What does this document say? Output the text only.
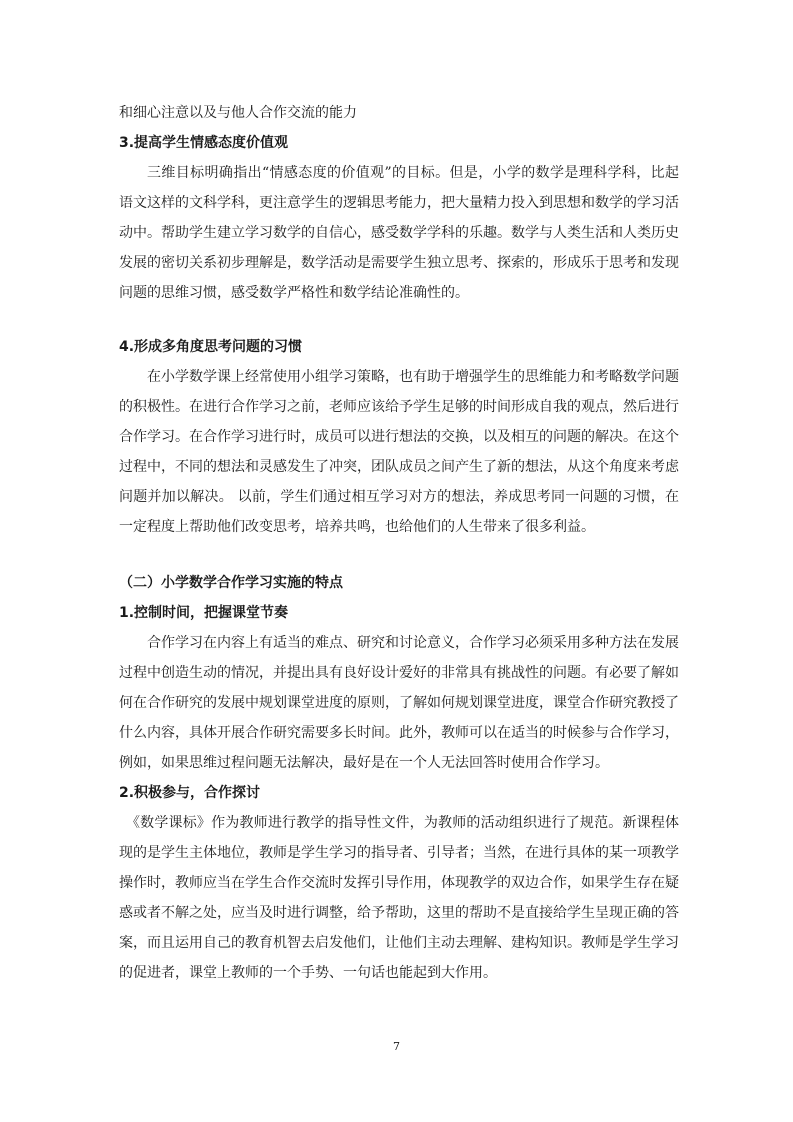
和细心注意以及与他人合作交流的能力

3.提高学生情感态度价值观

三维目标明确指出“情感态度的价值观”的目标。但是，小学的数学是理科学科，比起语文这样的文科学科，更注意学生的逻辑思考能力，把大量精力投入到思想和数学的学习活动中。帮助学生建立学习数学的自信心，感受数学学科的乐趣。数学与人类生活和人类历史发展的密切关系初步理解是，数学活动是需要学生独立思考、探索的，形成乐于思考和发现问题的思维习惯，感受数学严格性和数学结论准确性的。

4.形成多角度思考问题的习惯

在小学数学课上经常使用小组学习策略，也有助于增强学生的思维能力和考略数学问题的积极性。在进行合作学习之前，老师应该给予学生足够的时间形成自我的观点，然后进行合作学习。在合作学习进行时，成员可以进行想法的交换，以及相互的问题的解决。在这个过程中，不同的想法和灵感发生了冲突，团队成员之间产生了新的想法，从这个角度来考虑问题并加以解决。 以前，学生们通过相互学习对方的想法，养成思考同一问题的习惯，在一定程度上帮助他们改变思考，培养共鸣，也给他们的人生带来了很多利益。

（二）小学数学合作学习实施的特点

1.控制时间，把握课堂节奏

合作学习在内容上有适当的难点、研究和讨论意义，合作学习必须采用多种方法在发展过程中创造生动的情况，并提出具有良好设计爱好的非常具有挑战性的问题。有必要了解如何在合作研究的发展中规划课堂进度的原则，了解如何规划课堂进度，课堂合作研究教授了什么内容，具体开展合作研究需要多长时间。此外，教师可以在适当的时候参与合作学习，例如，如果思维过程问题无法解决，最好是在一个人无法回答时使用合作学习。

2.积极参与，合作探讨

《数学课标》作为教师进行教学的指导性文件，为教师的活动组织进行了规范。新课程体现的是学生主体地位，教师是学生学习的指导者、引导者；当然，在进行具体的某一项教学操作时，教师应当在学生合作交流时发挥引导作用，体现教学的双边合作，如果学生存在疑惑或者不解之处，应当及时进行调整，给予帮助，这里的帮助不是直接给学生呈现正确的答案，而且运用自己的教育机智去启发他们，让他们主动去理解、建构知识。教师是学生学习的促进者，课堂上教师的一个手势、一句话也能起到大作用。

7
